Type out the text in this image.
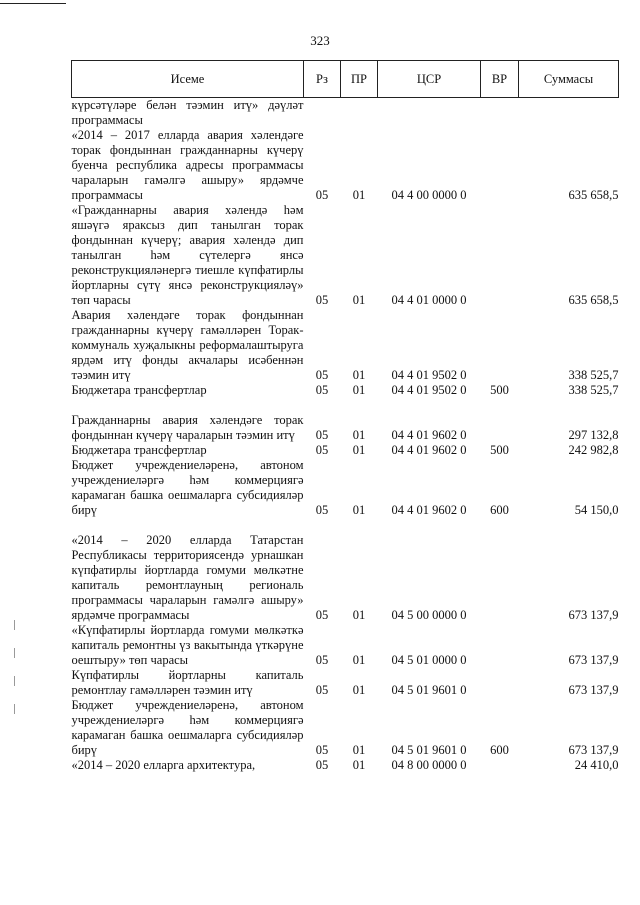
323
Исеме	Рз	ПР	ЦСР	ВР	Суммасы
күрсәтүләре белән тәэмин итү» дәүләт программасы					
«2014 – 2017 елларда авария хәлендәге торак фондыннан гражданнарны күчерү буенча республика адресы программасы чараларын гамәлгә ашыру» ярдәмче программасы	05	01	04 4 00 0000 0		635 658,5
«Гражданнарны авария хәлендә һәм яшәүгә яраксыз дип танылган торак фондыннан күчерү; авария хәлендә дип танылган һәм сүтелергә янсә реконструкцияләнергә тиешле күпфатирлы йортларны сүтү янсә реконструкцияләү» төп чарасы	05	01	04 4 01 0000 0		635 658,5
Авария хәлендәге торак фондыннан гражданнарны күчерү гамәлләрен Торак-коммуналь хуҗалыкны реформалаштыруга ярдәм итү фонды акчалары исәбеннән тәэмин итү	05	01	04 4 01 9502 0		338 525,7
Бюджетара трансфертлар	05	01	04 4 01 9502 0	500	338 525,7
Гражданнарны авария хәлендәге торак фондыннан күчерү чараларын тәэмин итү	05	01	04 4 01 9602 0		297 132,8
Бюджетара трансфертлар	05	01	04 4 01 9602 0	500	242 982,8
Бюджет учреждениеләренә, автоном учреждениеләргә һәм коммерциягә карамаган башка оешмаларга субсидияләр бирү	05	01	04 4 01 9602 0	600	54 150,0
«2014 – 2020 елларда Татарстан Республикасы территориясендә урнашкан күпфатирлы йортларда гомуми мөлкәтне капиталь ремонтлауның региональ программасы чараларын гамәлгә ашыру» ярдәмче программасы	05	01	04 5 00 0000 0		673 137,9
«Күпфатирлы йортларда гомуми мөлкәткә капиталь ремонтны үз вакытында үткәрүне оештыру» төп чарасы	05	01	04 5 01 0000 0		673 137,9
Күпфатирлы йортларны капиталь ремонтлау гамәлләрен тәэмин итү	05	01	04 5 01 9601 0		673 137,9
Бюджет учреждениеләренә, автоном учреждениеләргә һәм коммерциягә карамаган башка оешмаларга субсидияләр бирү	05	01	04 5 01 9601 0	600	673 137,9
«2014 – 2020 елларга архитектура,	05	01	04 8 00 0000 0		24 410,0
